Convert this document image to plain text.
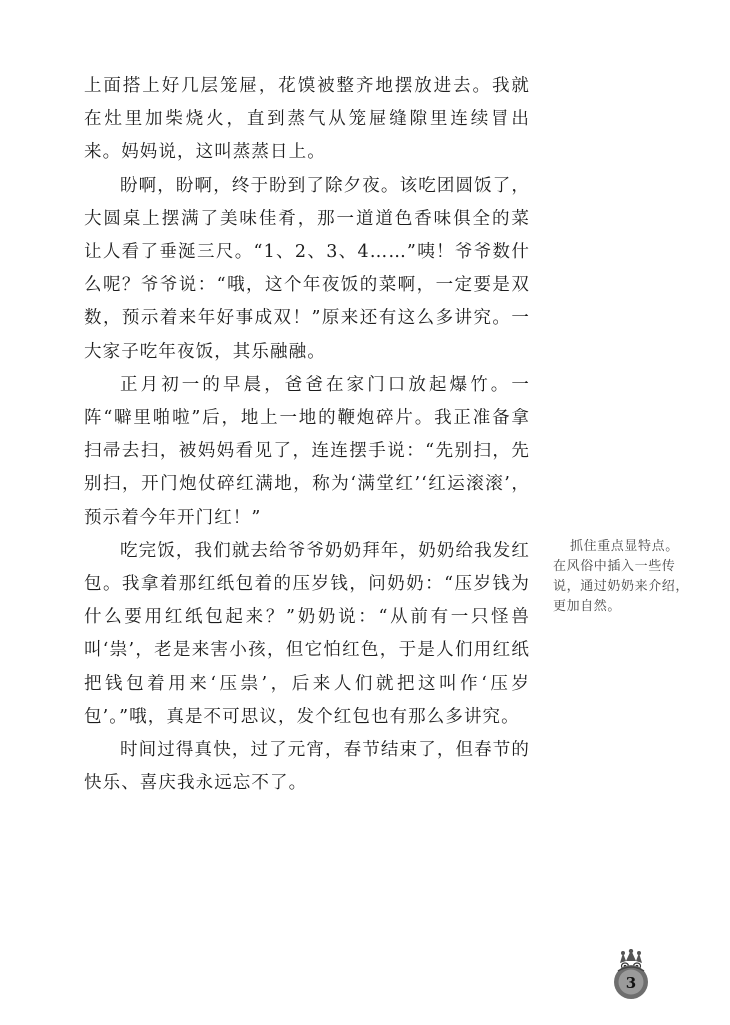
上面搭上好几层笼屉，花馍被整齐地摆放进去。我就在灶里加柴烧火，直到蒸气从笼屉缝隙里连续冒出来。妈妈说，这叫蒸蒸日上。

盼啊，盼啊，终于盼到了除夕夜。该吃团圆饭了，大圆桌上摆满了美味佳肴，那一道道色香味俱全的菜让人看了垂涎三尺。“1、2、3、4……”咦！爷爷数什么呢？爷爷说：“哦，这个年夜饭的菜啊，一定要是双数，预示着来年好事成双！”原来还有这么多讲究。一大家子吃年夜饭，其乐融融。

正月初一的早晨，爸爸在家门口放起爆竹。一阵“噼里啪啦”后，地上一地的鞭炮碎片。我正准备拿扫帚去扫，被妈妈看见了，连连摆手说：“先别扫，先别扫，开门炮仗碎红满地，称为‘满堂红’‘红运滚滚’，预示着今年开门红！”

吃完饭，我们就去给爷爷奶奶拜年，奶奶给我发红包。我拿着那红纸包着的压岁钱，问奶奶：“压岁钱为什么要用红纸包起来？”奶奶说：“从前有一只怪兽叫‘祟’，老是来害小孩，但它怕红色，于是人们用红纸把钱包着用来‘压祟’，后来人们就把这叫作‘压岁包’。”哦，真是不可思议，发个红包也有那么多讲究。

时间过得真快，过了元宵，春节结束了，但春节的快乐、喜庆我永远忘不了。

抓住重点显特点。
在风俗中插入一些传
说，通过奶奶来介绍，
更加自然。
3
